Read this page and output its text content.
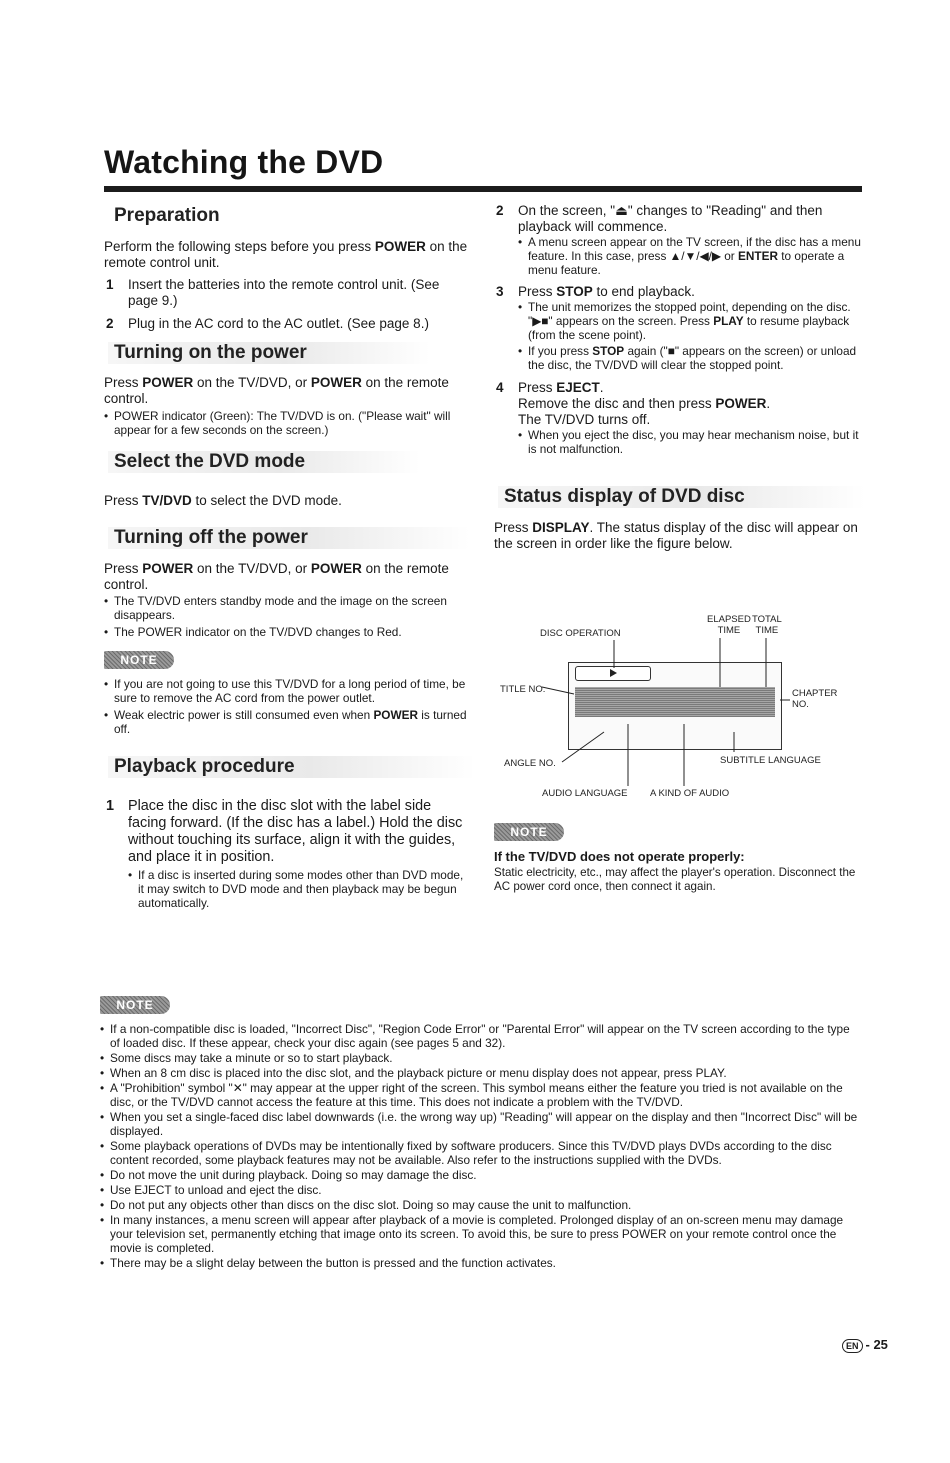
Watching the DVD
Preparation
Perform the following steps before you press POWER on the remote control unit.
1 Insert the batteries into the remote control unit. (See page 9.)
2 Plug in the AC cord to the AC outlet. (See page 8.)
Turning on the power
Press POWER on the TV/DVD, or POWER on the remote control.
• POWER indicator (Green): The TV/DVD is on. ("Please wait" will appear for a few seconds on the screen.)
Select the DVD mode
Press TV/DVD to select the DVD mode.
Turning off the power
Press POWER on the TV/DVD, or POWER on the remote control.
• The TV/DVD enters standby mode and the image on the screen disappears.
• The POWER indicator on the TV/DVD changes to Red.
NOTE
• If you are not going to use this TV/DVD for a long period of time, be sure to remove the AC cord from the power outlet.
• Weak electric power is still consumed even when POWER is turned off.
Playback procedure
1 Place the disc in the disc slot with the label side facing forward. (If the disc has a label.) Hold the disc without touching its surface, align it with the guides, and place it in position.
• If a disc is inserted during some modes other than DVD mode, it may switch to DVD mode and then playback may be begun automatically.
2 On the screen, "⏏" changes to "Reading" and then playback will commence.
• A menu screen appear on the TV screen, if the disc has a menu feature. In this case, press ▲/▼/◀/▶ or ENTER to operate a menu feature.
3 Press STOP to end playback.
• The unit memorizes the stopped point, depending on the disc. "▶■" appears on the screen. Press PLAY to resume playback (from the scene point).
• If you press STOP again ("■" appears on the screen) or unload the disc, the TV/DVD will clear the stopped point.
4 Press EJECT.
Remove the disc and then press POWER.
The TV/DVD turns off.
• When you eject the disc, you may hear mechanism noise, but it is not malfunction.
Status display of DVD disc
Press DISPLAY. The status display of the disc will appear on the screen in order like the figure below.
ELAPSED
TIME
TOTAL
TIME
DISC OPERATION
TITLE NO.	CHAPTER
NO.
ANGLE NO.	SUBTITLE LANGUAGE
AUDIO LANGUAGE A KIND OF AUDIO
NOTE
If the TV/DVD does not operate properly:
Static electricity, etc., may affect the player's operation. Disconnect the AC power cord once, then connect it again.
NOTE
• If a non-compatible disc is loaded, "Incorrect Disc", "Region Code Error" or "Parental Error" will appear on the TV screen according to the type of loaded disc. If these appear, check your disc again (see pages 5 and 32).
• Some discs may take a minute or so to start playback.
• When an 8 cm disc is placed into the disc slot, and the playback picture or menu display does not appear, press PLAY.
• A "Prohibition" symbol "✕" may appear at the upper right of the screen. This symbol means either the feature you tried is not available on the disc, or the TV/DVD cannot access the feature at this time. This does not indicate a problem with the TV/DVD.
• When you set a single-faced disc label downwards (i.e. the wrong way up) "Reading" will appear on the display and then "Incorrect Disc" will be displayed.
• Some playback operations of DVDs may be intentionally fixed by software producers. Since this TV/DVD plays DVDs according to the disc content recorded, some playback features may not be available. Also refer to the instructions supplied with the DVDs.
• Do not move the unit during playback. Doing so may damage the disc.
• Use EJECT to unload and eject the disc.
• Do not put any objects other than discs on the disc slot. Doing so may cause the unit to malfunction.
• In many instances, a menu screen will appear after playback of a movie is completed. Prolonged display of an on-screen menu may damage your television set, permanently etching that image onto its screen. To avoid this, be sure to press POWER on your remote control once the movie is completed.
• There may be a slight delay between the button is pressed and the function activates.
EN - 25
